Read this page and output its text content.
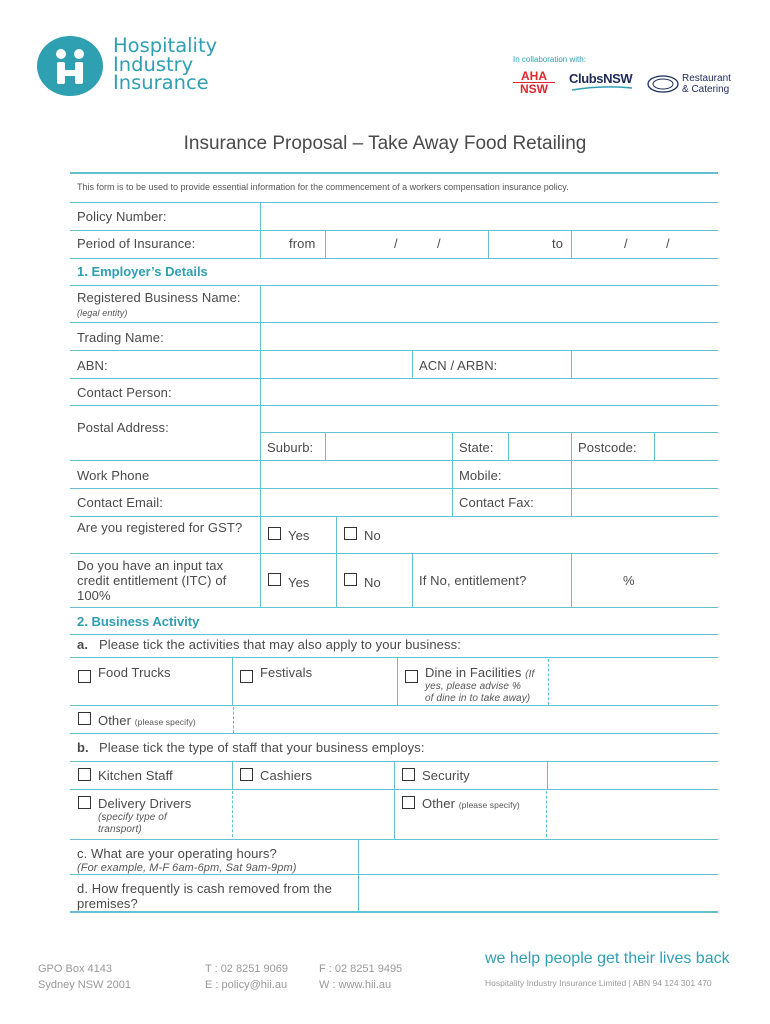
Hospitality
Industry
Insurance
In collaboration with:
AHA
NSW
ClubsNSW	Restaurant
& Catering
Insurance Proposal – Take Away Food Retailing
This form is to be used to provide essential information for the commencement of a workers compensation insurance policy.
Policy Number:
Period of Insurance:	from	/	/	to	/	/
1. Employer’s Details
Registered Business Name:
(legal entity)
Trading Name:
ABN:	ACN / ARBN:
Contact Person:
Postal Address:
Suburb:	State:	Postcode:
Work Phone	Mobile:
Contact Email:	Contact Fax:
Are you registered for GST?
Yes	No
Do you have an input tax credit entitlement (ITC) of 100%
Yes	No	If No, entitlement?	%
2. Business Activity
a. Please tick the activities that may also apply to your business:
Food Trucks	Festivals	Dine in Facilities (If
yes, please advise %
of dine in to take away)
Other (please specify)
b. Please tick the type of staff that your business employs:
Kitchen Staff	Cashiers	Security
Delivery Drivers
(specify type of transport)
Other (please specify)
c. What are your operating hours?
(For example, M-F 6am-6pm, Sat 9am-9pm)
d. How frequently is cash removed from the premises?
GPO Box 4143
Sydney NSW 2001
T : 02 8251 9069
E : policy@hii.au
F : 02 8251 9495
W : www.hii.au
we help people get their lives back
Hospitality Industry Insurance Limited | ABN 94 124 301 470
